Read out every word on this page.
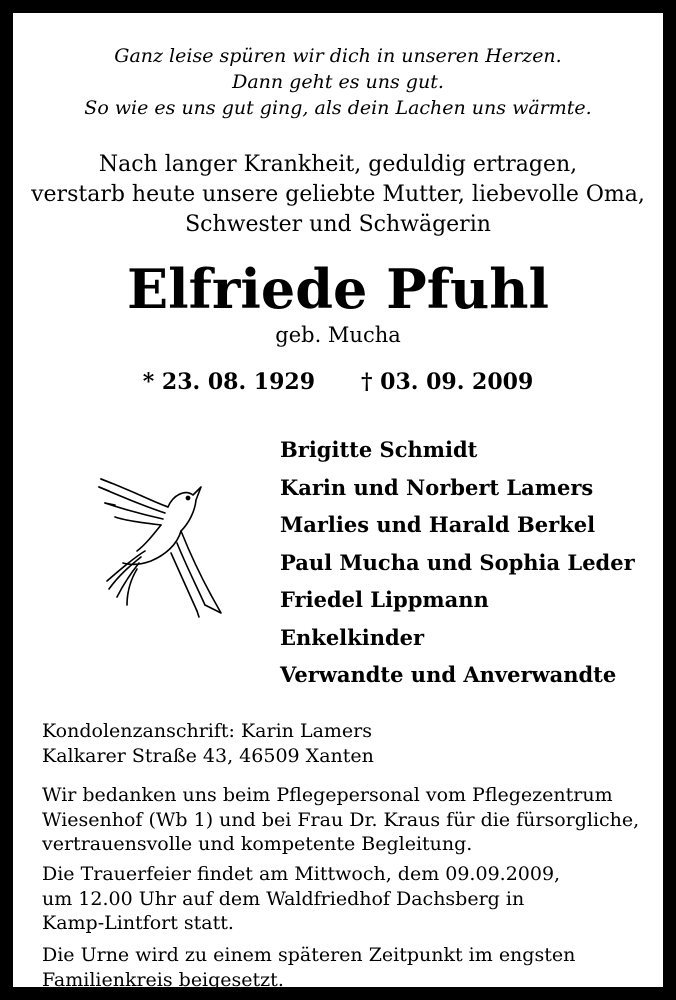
Ganz leise spüren wir dich in unseren Herzen.
Dann geht es uns gut.
So wie es uns gut ging, als dein Lachen uns wärmte.
Nach langer Krankheit, geduldig ertragen,
verstarb heute unsere geliebte Mutter, liebevolle Oma,
Schwester und Schwägerin
Elfriede Pfuhl
geb. Mucha
* 23. 08. 1929 † 03. 09. 2009
Brigitte Schmidt
Karin und Norbert Lamers
Marlies und Harald Berkel
Paul Mucha und Sophia Leder
Friedel Lippmann
Enkelkinder
Verwandte und Anverwandte
Kondolenzanschrift: Karin Lamers
Kalkarer Straße 43, 46509 Xanten
Wir bedanken uns beim Pflegepersonal vom Pflegezentrum
Wiesenhof (Wb 1) und bei Frau Dr. Kraus für die fürsorgliche,
vertrauensvolle und kompetente Begleitung.
Die Trauerfeier findet am Mittwoch, dem 09.09.2009,
um 12.00 Uhr auf dem Waldfriedhof Dachsberg in
Kamp-Lintfort statt.
Die Urne wird zu einem späteren Zeitpunkt im engsten
Familienkreis beigesetzt.
